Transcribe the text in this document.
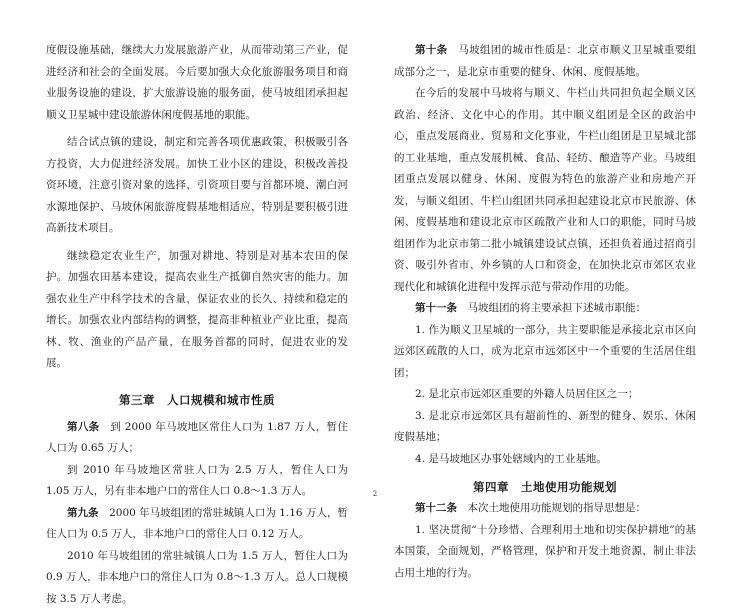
度假设施基础，继续大力发展旅游产业，从而带动第三产业，促进经济和社会的全面发展。今后要加强大众化旅游服务项目和商业服务设施的建设，扩大旅游设施的服务面，使马坡组团承担起顺义卫星城中建设旅游休闲度假基地的职能。

结合试点镇的建设，制定和完善各项优惠政策，积极吸引各方投资，大力促进经济发展。加快工业小区的建设，积极改善投资环境，注意引资对象的选择，引资项目要与首都环境、潮白河水源地保护、马坡休闲旅游度假基地相适应，特别是要积极引进高新技术项目。

继续稳定农业生产，加强对耕地、特别是对基本农田的保护。加强农田基本建设，提高农业生产抵御自然灾害的能力。加强农业生产中科学技术的含量，保证农业的长久、持续和稳定的增长。加强农业内部结构的调整，提高非种植业产业比重，提高林、牧、渔业的产品产量，在服务首都的同时，促进农业的发展。

第三章　人口规模和城市性质

第八条　到 2000 年马坡地区常住人口为 1.87 万人，暂住人口为 0.65 万人；

到 2010 年马坡地区常驻人口为 2.5 万人，暂住人口为 1.05 万人，另有非本地户口的常住人口 0.8～1.3 万人。

第九条　2000 年马坡组团的常驻城镇人口为 1.16 万人，暂住人口为 0.5 万人，非本地户口的常住人口 0.12 万人。

2010 年马坡组团的常驻城镇人口为 1.5 万人，暂住人口为 0.9 万人，非本地户口的常住人口为 0.8～1.3 万人。总人口规模按 3.5 万人考虑。

第十条　马坡组团的城市性质是：北京市顺义卫星城重要组成部分之一，是北京市重要的健身、休闲、度假基地。

在今后的发展中马坡将与顺义、牛栏山共同担负起全顺义区政治、经济、文化中心的作用。其中顺义组团是全区的政治中心，重点发展商业、贸易和文化事业，牛栏山组团是卫星城北部的工业基地，重点发展机械、食品、轻纺、酿造等产业。马坡组团重点发展以健身、休闲、度假为特色的旅游产业和房地产开发，与顺义组团、牛栏山组团共同承担起建设北京市民旅游、休闲、度假基地和建设北京市区疏散产业和人口的职能，同时马坡组团作为北京市第二批小城镇建设试点镇，还担负着通过招商引资、吸引外省市、外乡镇的人口和资金，在加快北京市郊区农业现代化和城镇化进程中发挥示范与带动作用的功能。

第十一条　马坡组团的将主要承担下述城市职能：

1. 作为顺义卫星城的一部分，共主要职能是承接北京市区向远郊区疏散的人口，成为北京市远郊区中一个重要的生活居住组团；

2. 是北京市远郊区重要的外籍人员居住区之一；

3. 是北京市远郊区具有超前性的、新型的健身、娱乐、休闲度假基地；

4. 是马坡地区办事处辖域内的工业基地。

第四章　土地使用功能规划

第十二条　本次土地使用功能规划的指导思想是：

1. 坚决贯彻“十分珍惜、合理利用土地和切实保护耕地”的基本国策，全面规划，严格管理，保护和开发土地资源，制止非法占用土地的行为。

2
